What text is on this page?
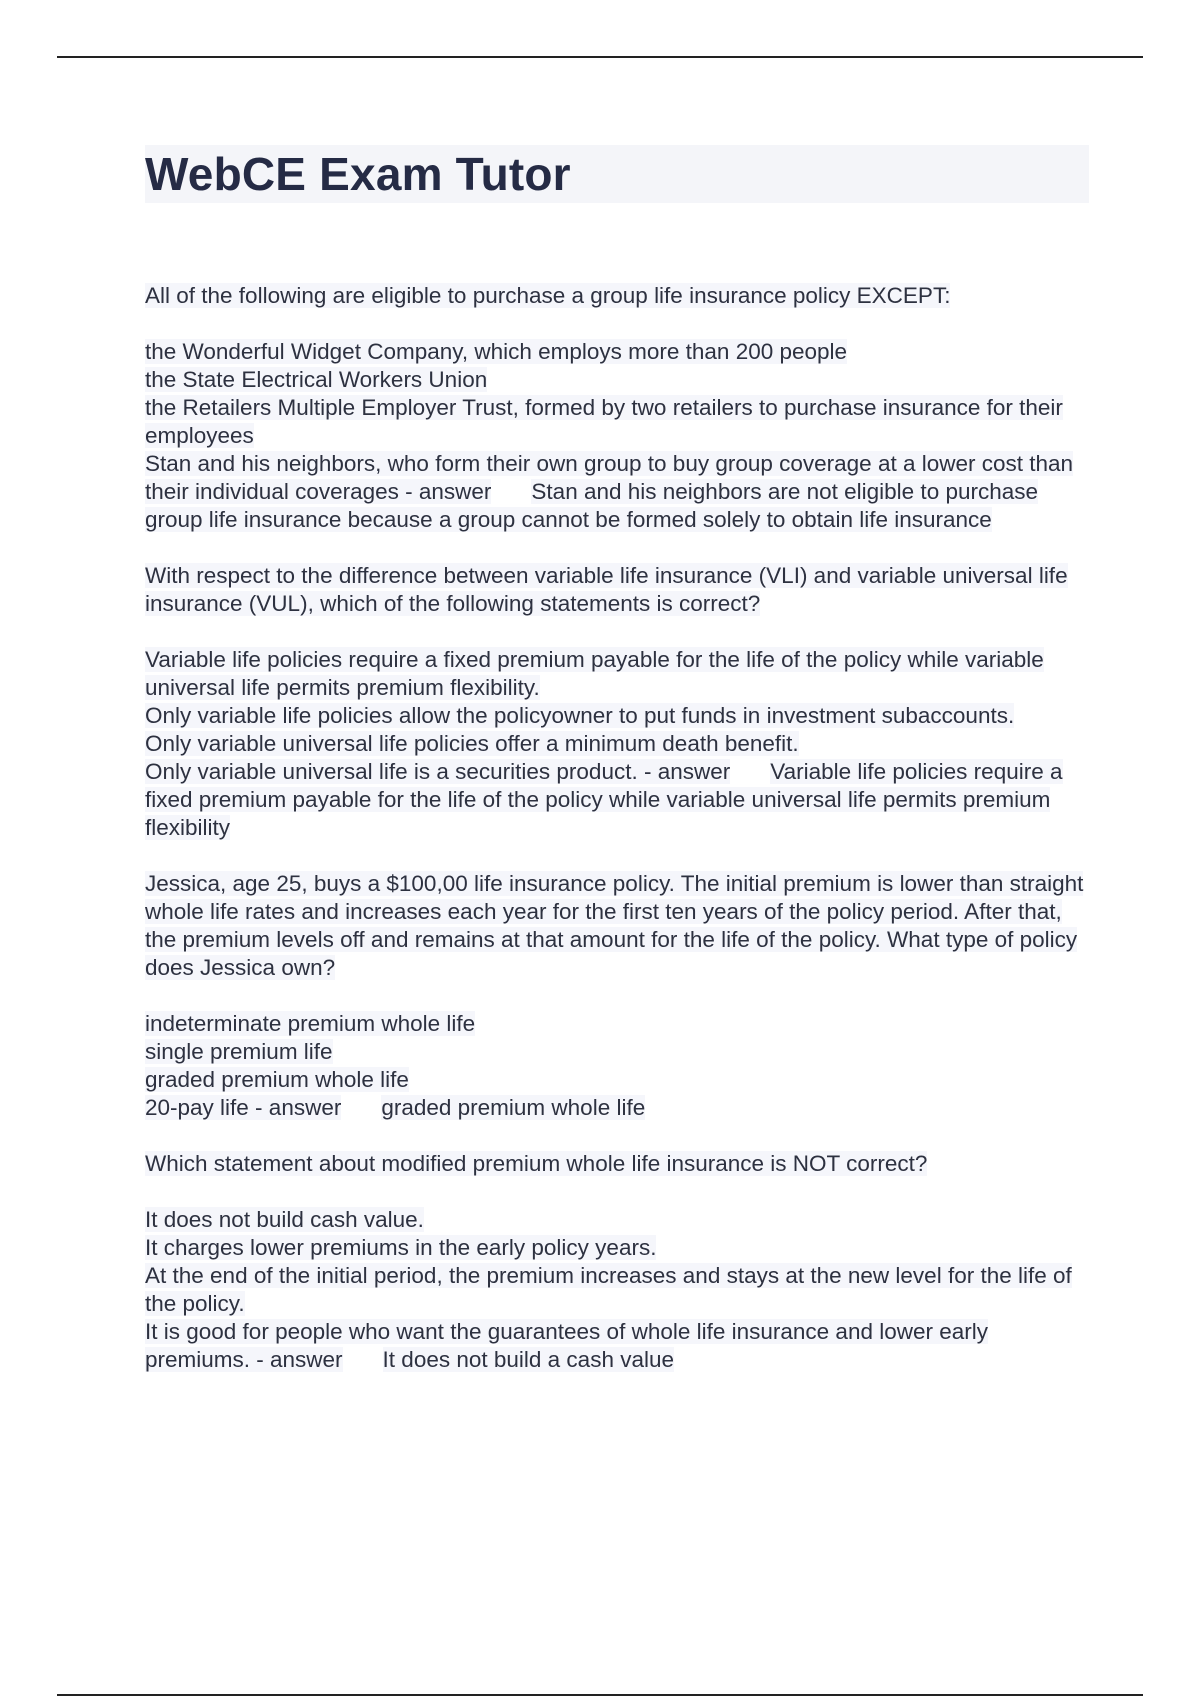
WebCE Exam Tutor

All of the following are eligible to purchase a group life insurance policy EXCEPT:

the Wonderful Widget Company, which employs more than 200 people

the State Electrical Workers Union

the Retailers Multiple Employer Trust, formed by two retailers to purchase insurance for their employees

Stan and his neighbors, who form their own group to buy group coverage at a lower cost than their individual coverages - answer Stan and his neighbors are not eligible to purchase group life insurance because a group cannot be formed solely to obtain life insurance

With respect to the difference between variable life insurance (VLI) and variable universal life insurance (VUL), which of the following statements is correct?

Variable life policies require a fixed premium payable for the life of the policy while variable universal life permits premium flexibility.

Only variable life policies allow the policyowner to put funds in investment subaccounts.

Only variable universal life policies offer a minimum death benefit.

Only variable universal life is a securities product. - answer Variable life policies require a fixed premium payable for the life of the policy while variable universal life permits premium flexibility

Jessica, age 25, buys a $100,00 life insurance policy. The initial premium is lower than straight whole life rates and increases each year for the first ten years of the policy period. After that, the premium levels off and remains at that amount for the life of the policy. What type of policy does Jessica own?

indeterminate premium whole life

single premium life

graded premium whole life

20-pay life - answer graded premium whole life

Which statement about modified premium whole life insurance is NOT correct?

It does not build cash value.

It charges lower premiums in the early policy years.

At the end of the initial period, the premium increases and stays at the new level for the life of the policy.

It is good for people who want the guarantees of whole life insurance and lower early premiums. - answer It does not build a cash value
